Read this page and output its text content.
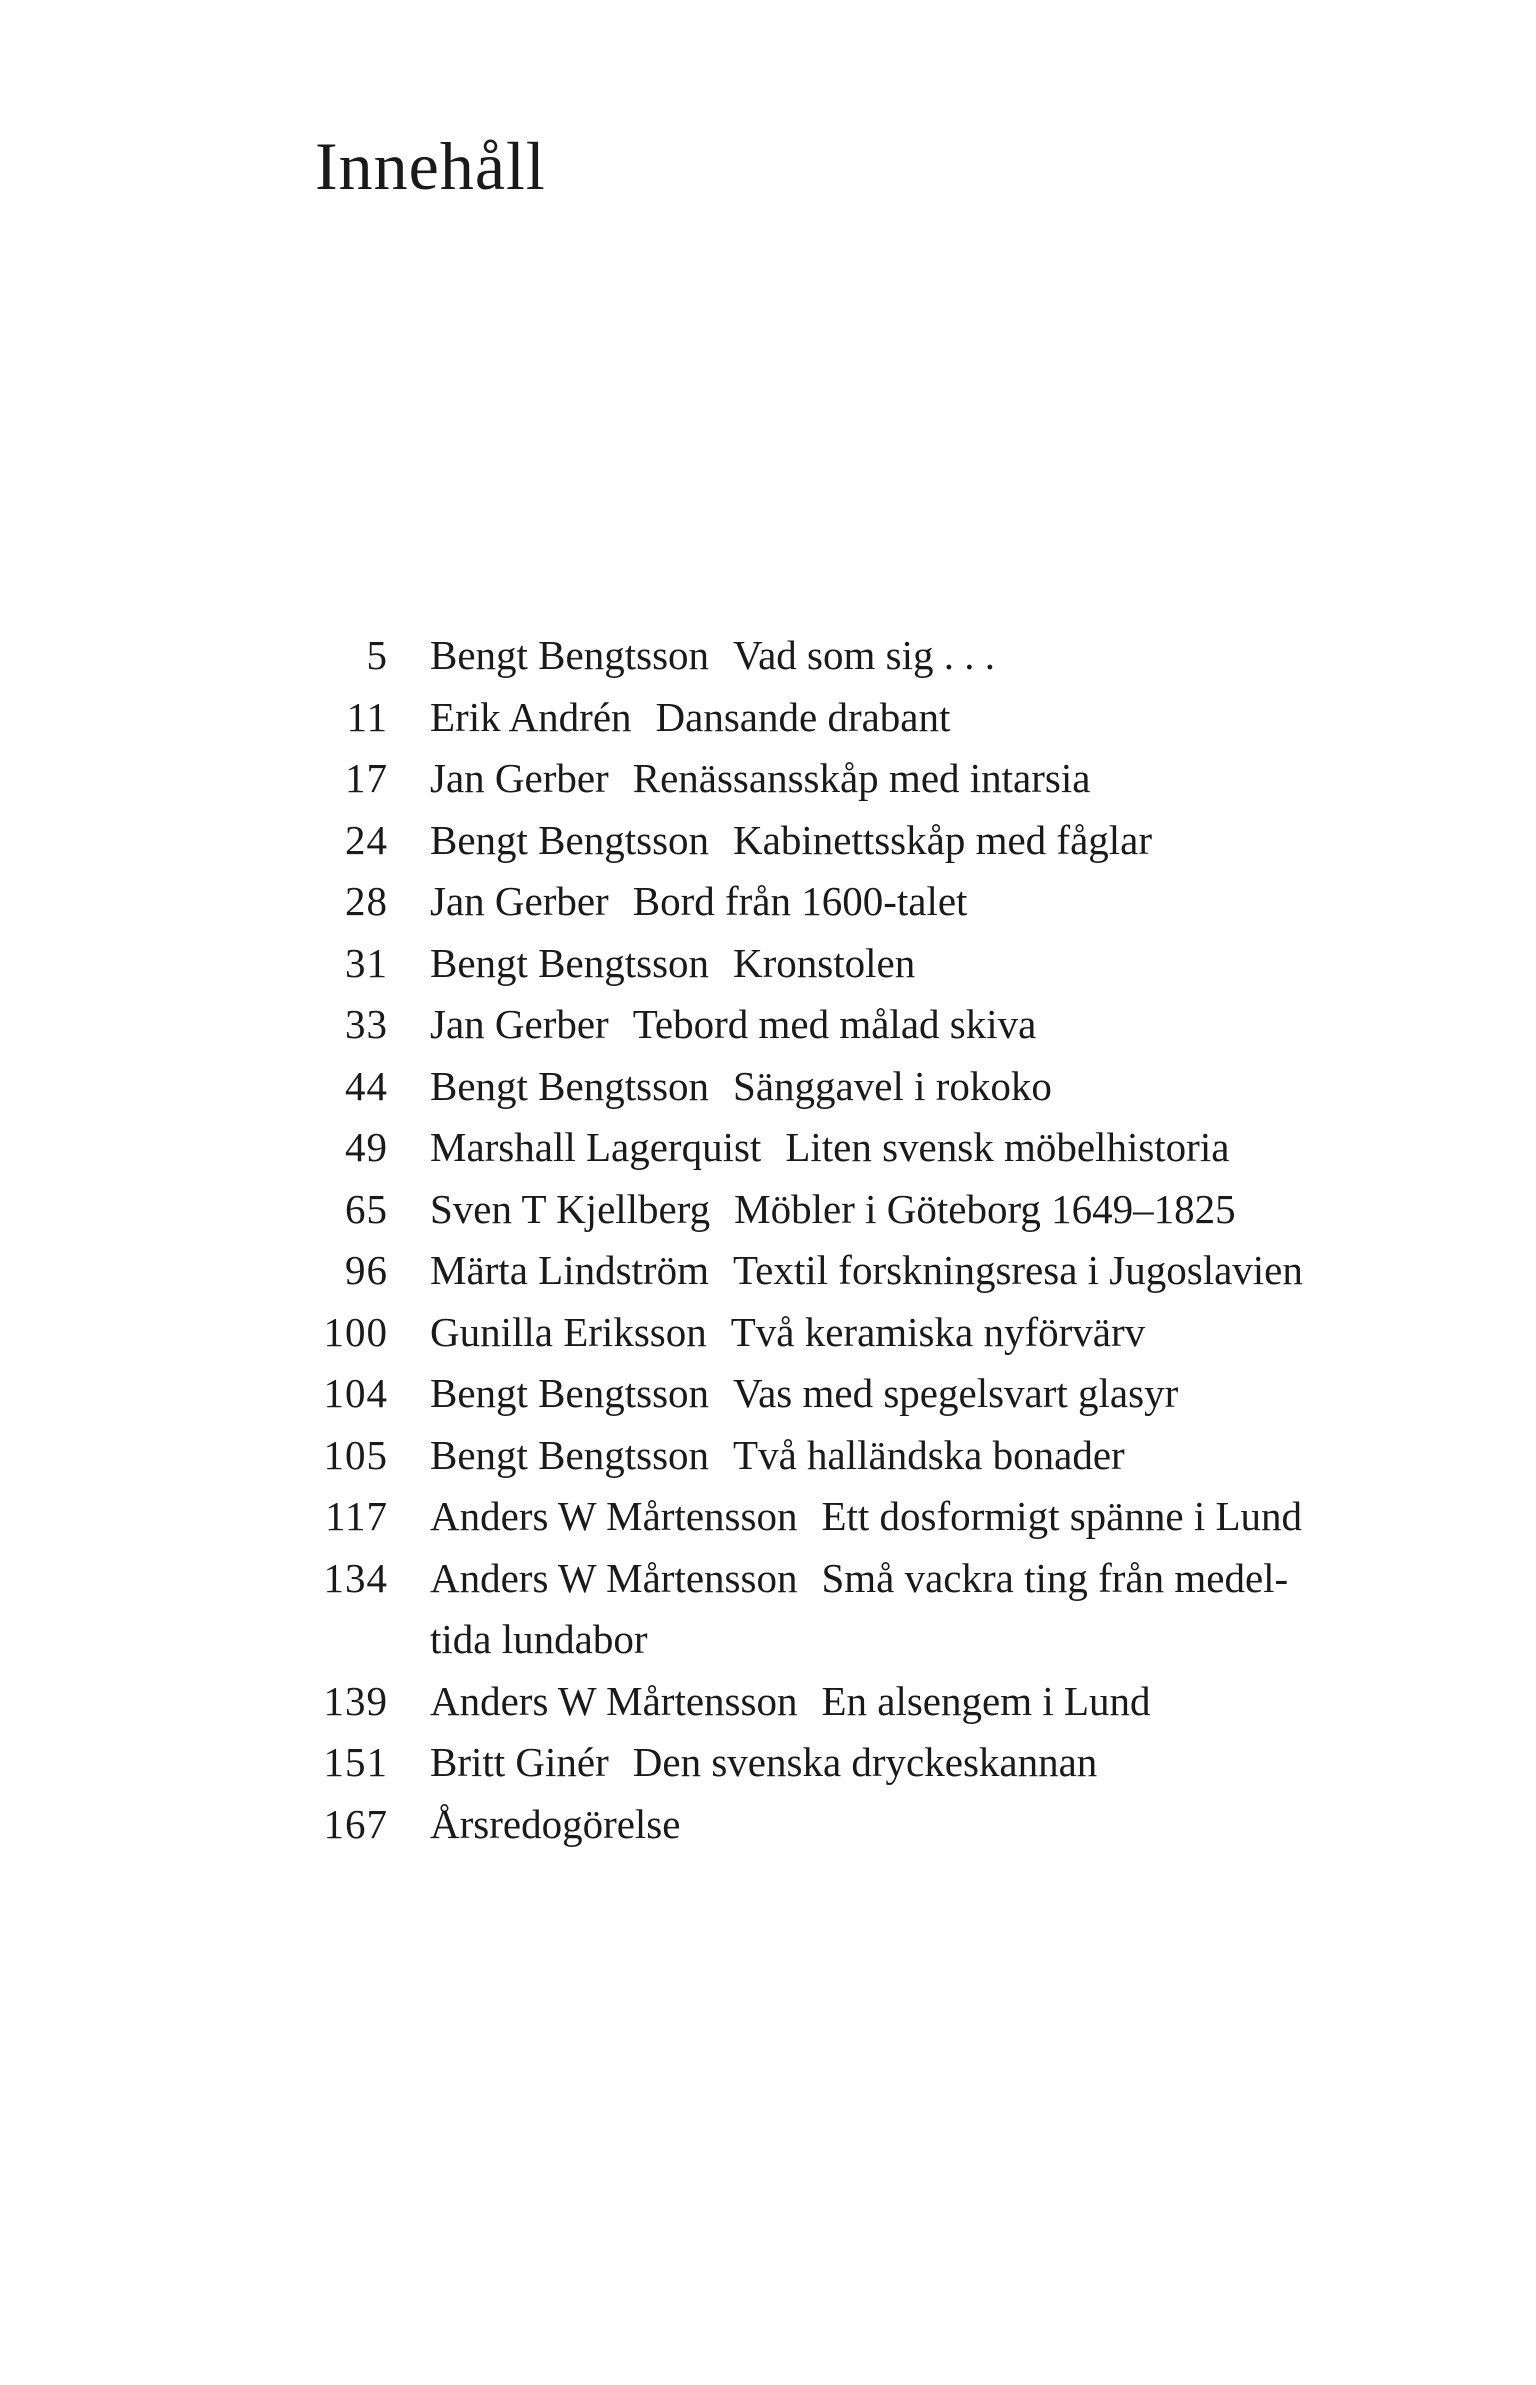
Innehåll
5 Bengt Bengtsson Vad som sig . . .
11 Erik Andrén Dansande drabant
17 Jan Gerber Renässansskåp med intarsia
24 Bengt Bengtsson Kabinettsskåp med fåglar
28 Jan Gerber Bord från 1600-talet
31 Bengt Bengtsson Kronstolen
33 Jan Gerber Tebord med målad skiva
44 Bengt Bengtsson Sänggavel i rokoko
49 Marshall Lagerquist Liten svensk möbelhistoria
65 Sven T Kjellberg Möbler i Göteborg 1649–1825
96 Märta Lindström Textil forskningsresa i Jugoslavien
100 Gunilla Eriksson Två keramiska nyförvärv
104 Bengt Bengtsson Vas med spegelsvart glasyr
105 Bengt Bengtsson Två halländska bonader
117 Anders W Mårtensson Ett dosformigt spänne i Lund
134 Anders W Mårtensson Små vackra ting från medel-
tida lundabor
139 Anders W Mårtensson En alsengem i Lund
151 Britt Ginér Den svenska dryckeskannan
167 Årsredogörelse
